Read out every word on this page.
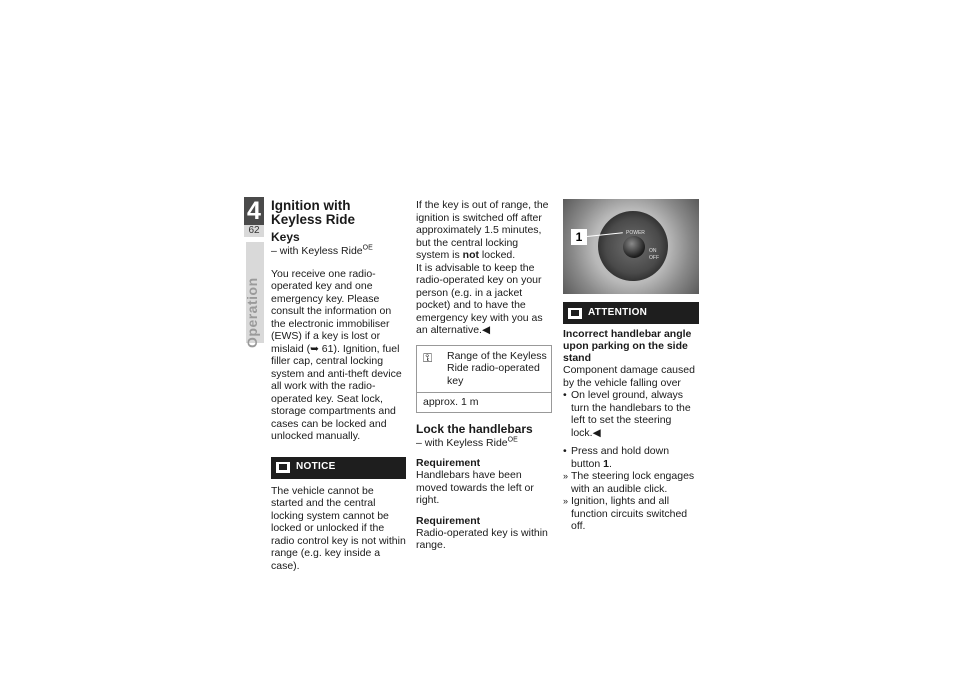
4
62
Operation
Ignition with
Keyless Ride
Keys

– with Keyless Ride$^{OE}$

You receive one radio-operated key and one emergency key. Please consult the information on the electronic immobiliser (EWS) if a key is lost or mislaid (➥ 61). Ignition, fuel filler cap, central locking system and anti-theft device all work with the radio-operated key. Seat lock, storage compartments and cases can be locked and unlocked manually.

NOTICE

The vehicle cannot be started and the central locking system cannot be locked or unlocked if the radio control key is not within range (e.g. key inside a case).

If the key is out of range, the ignition is switched off after approximately 1.5 minutes, but the central locking system is not locked.

It is advisable to keep the radio-operated key on your person (e.g. in a jacket pocket) and to have the emergency key with you as an alternative.◀

⚿	Range of the Keyless Ride radio-operated key
approx. 1 m
Lock the handlebars

– with Keyless Ride$^{OE}$

Requirement

Handlebars have been moved towards the left or right.

Requirement

Radio-operated key is within range.

POWER
ON
OFF
1
ATTENTION
Incorrect handlebar angle upon parking on the side stand

Component damage caused by the vehicle falling over

• On level ground, always turn the handlebars to the left to set the steering lock.◀
• Press and hold down button 1.
» The steering lock engages with an audible click.
» Ignition, lights and all function circuits switched off.
